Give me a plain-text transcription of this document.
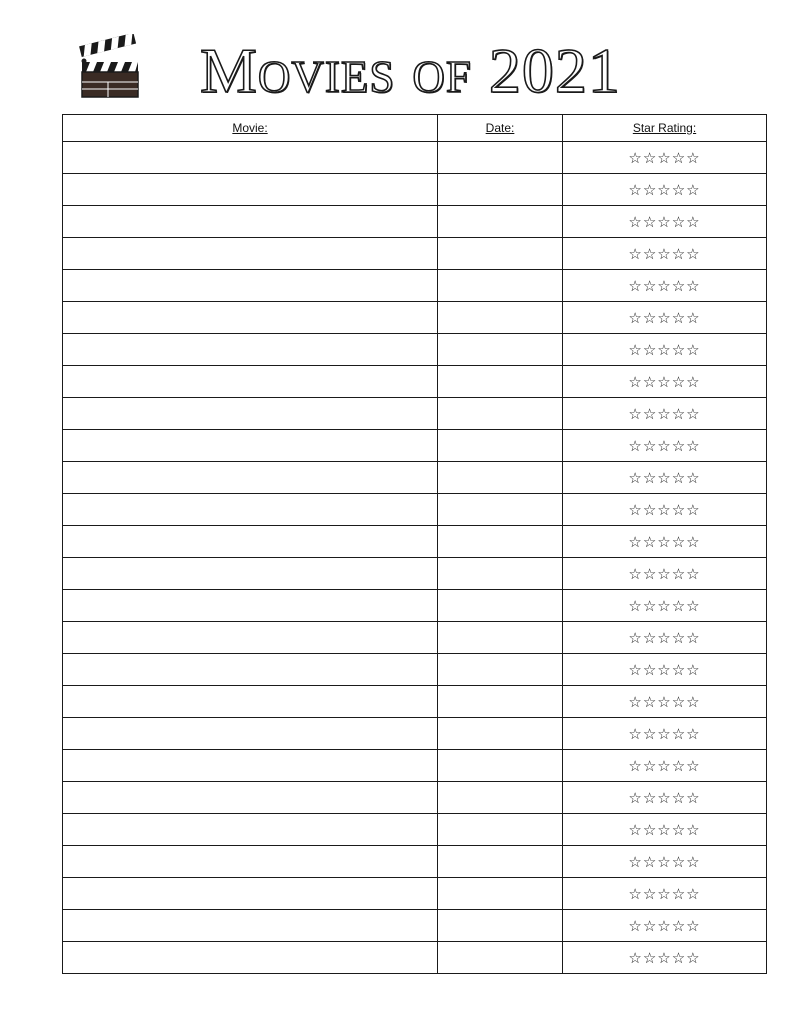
Movies of 2021
Movie:	Date:	Star Rating:
		☆☆☆☆☆
		☆☆☆☆☆
		☆☆☆☆☆
		☆☆☆☆☆
		☆☆☆☆☆
		☆☆☆☆☆
		☆☆☆☆☆
		☆☆☆☆☆
		☆☆☆☆☆
		☆☆☆☆☆
		☆☆☆☆☆
		☆☆☆☆☆
		☆☆☆☆☆
		☆☆☆☆☆
		☆☆☆☆☆
		☆☆☆☆☆
		☆☆☆☆☆
		☆☆☆☆☆
		☆☆☆☆☆
		☆☆☆☆☆
		☆☆☆☆☆
		☆☆☆☆☆
		☆☆☆☆☆
		☆☆☆☆☆
		☆☆☆☆☆
		☆☆☆☆☆
